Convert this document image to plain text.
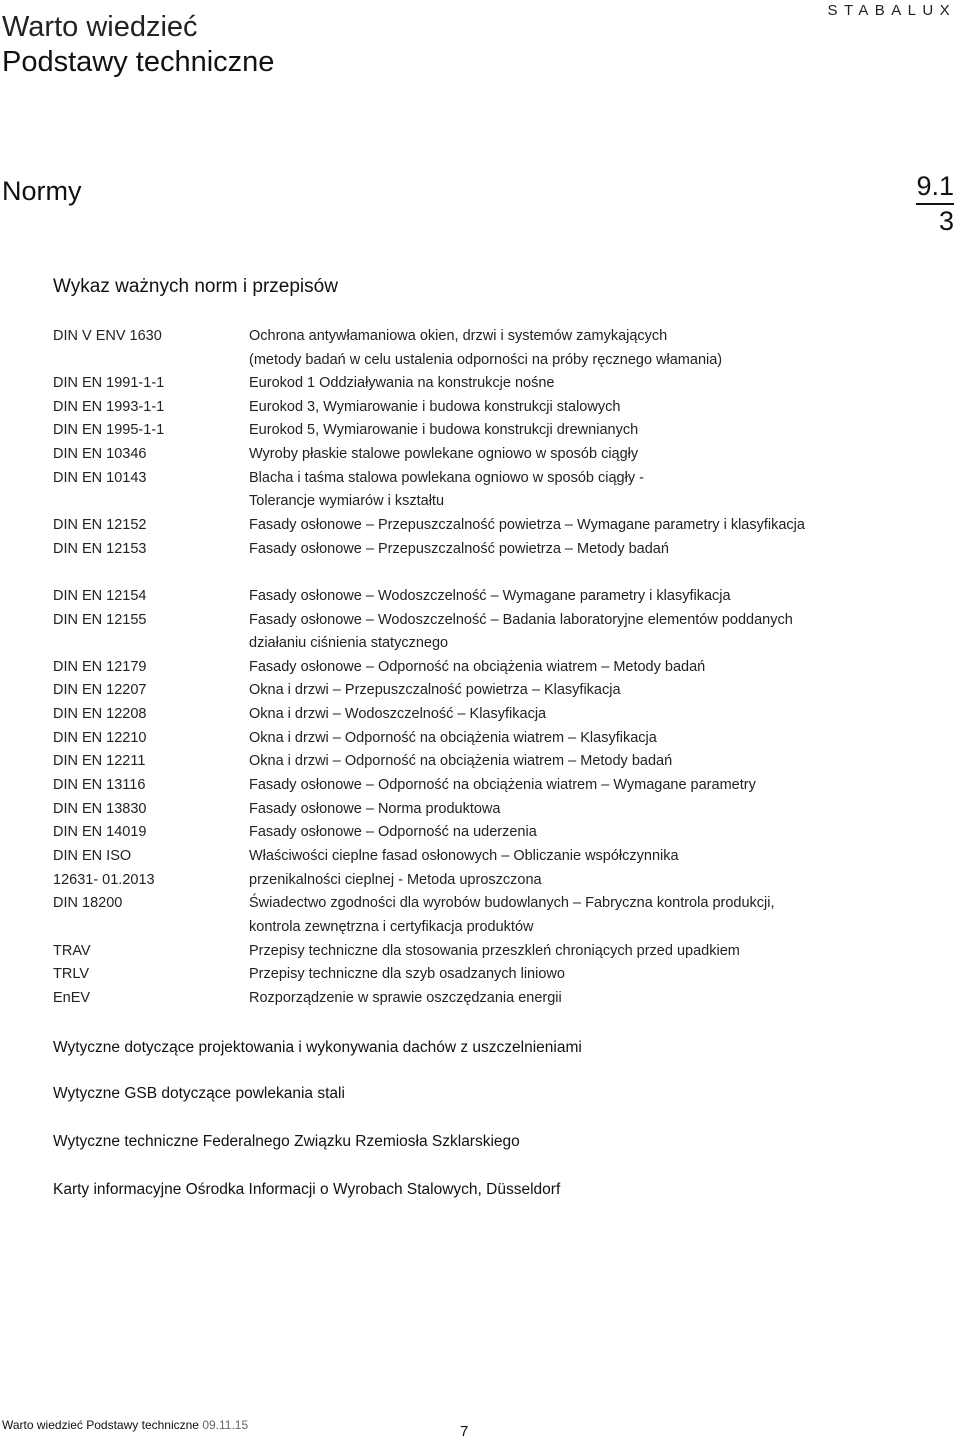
Warto wiedzieć
Podstawy techniczne
STABALUX
Normy	9.1
3
Wykaz ważnych norm i przepisów
DIN V ENV 1630	Ochrona antywłamaniowa okien, drzwi i systemów zamykających
(metody badań w celu ustalenia odporności na próby ręcznego włamania)
DIN EN 1991-1-1	Eurokod 1 Oddziaływania na konstrukcje nośne
DIN EN 1993-1-1	Eurokod 3, Wymiarowanie i budowa konstrukcji stalowych
DIN EN 1995-1-1	Eurokod 5, Wymiarowanie i budowa konstrukcji drewnianych
DIN EN 10346	Wyroby płaskie stalowe powlekane ogniowo w sposób ciągły
DIN EN 10143	Blacha i taśma stalowa powlekana ogniowo w sposób ciągły -
Tolerancje wymiarów i kształtu
DIN EN 12152	Fasady osłonowe – Przepuszczalność powietrza – Wymagane parametry i klasyfikacja
DIN EN 12153	Fasady osłonowe – Przepuszczalność powietrza – Metody badań
DIN EN 12154	Fasady osłonowe – Wodoszczelność – Wymagane parametry i klasyfikacja
DIN EN 12155	Fasady osłonowe – Wodoszczelność – Badania laboratoryjne elementów poddanych
działaniu ciśnienia statycznego
DIN EN 12179	Fasady osłonowe – Odporność na obciążenia wiatrem – Metody badań
DIN EN 12207	Okna i drzwi – Przepuszczalność powietrza – Klasyfikacja
DIN EN 12208	Okna i drzwi – Wodoszczelność – Klasyfikacja
DIN EN 12210	Okna i drzwi – Odporność na obciążenia wiatrem – Klasyfikacja
DIN EN 12211	Okna i drzwi – Odporność na obciążenia wiatrem – Metody badań
DIN EN 13116	Fasady osłonowe – Odporność na obciążenia wiatrem – Wymagane parametry
DIN EN 13830	Fasady osłonowe – Norma produktowa
DIN EN 14019	Fasady osłonowe – Odporność na uderzenia
DIN EN ISO	Właściwości cieplne fasad osłonowych – Obliczanie współczynnika
12631- 01.2013	przenikalności cieplnej - Metoda uproszczona
DIN 18200	Świadectwo zgodności dla wyrobów budowlanych – Fabryczna kontrola produkcji,
kontrola zewnętrzna i certyfikacja produktów
TRAV	Przepisy techniczne dla stosowania przeszkleń chroniących przed upadkiem
TRLV	Przepisy techniczne dla szyb osadzanych liniowo
EnEV	Rozporządzenie w sprawie oszczędzania energii
Wytyczne dotyczące projektowania i wykonywania dachów z uszczelnieniami
Wytyczne GSB dotyczące powlekania stali
Wytyczne techniczne Federalnego Związku Rzemiosła Szklarskiego
Karty informacyjne Ośrodka Informacji o Wyrobach Stalowych, Düsseldorf
Warto wiedzieć Podstawy techniczne 09.11.15	7
